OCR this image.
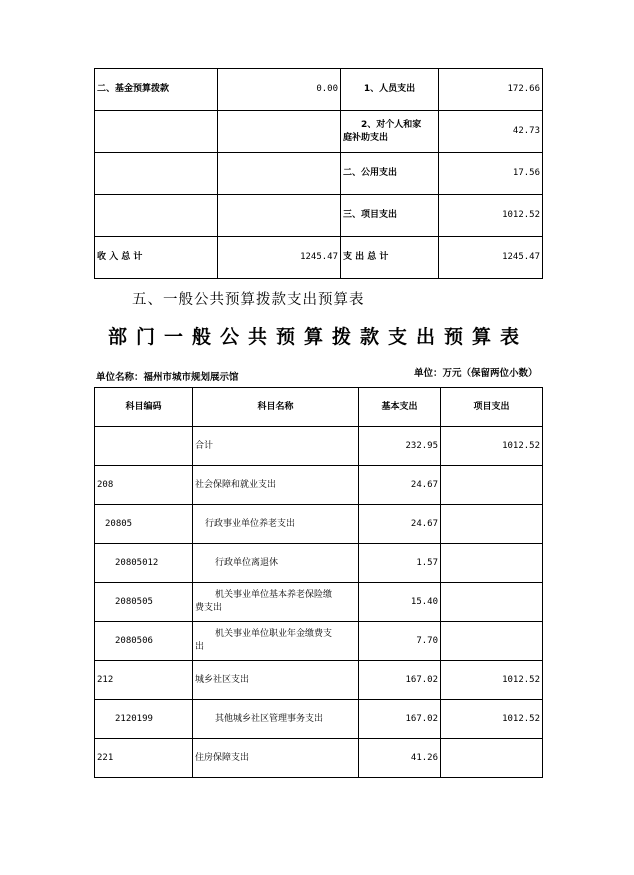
二、基金预算拨款	0.00	1、人员支出	172.66

		2、对个人和家
庭补助支出	42.73
		二、公用支出	17.56
		三、项目支出	1012.52
收 入 总 计	1245.47	支 出 总 计	1245.47
五、一般公共预算拨款支出预算表
部门一般公共预算拨款支出预算表
单位名称：福州市城市规划展示馆	单位：万元（保留两位小数）
科目编码	科目名称	基本支出	项目支出
	合计	232.95	1012.52
208	社会保障和就业支出	24.67	
20805	行政事业单位养老支出	24.67	
20805012	行政单位离退休	1.57	
2080505	机关事业单位基本养老保险缴
费支出	15.40	
2080506	机关事业单位职业年金缴费支
出	7.70	
212	城乡社区支出	167.02	1012.52
2120199	其他城乡社区管理事务支出	167.02	1012.52
221	住房保障支出	41.26	
